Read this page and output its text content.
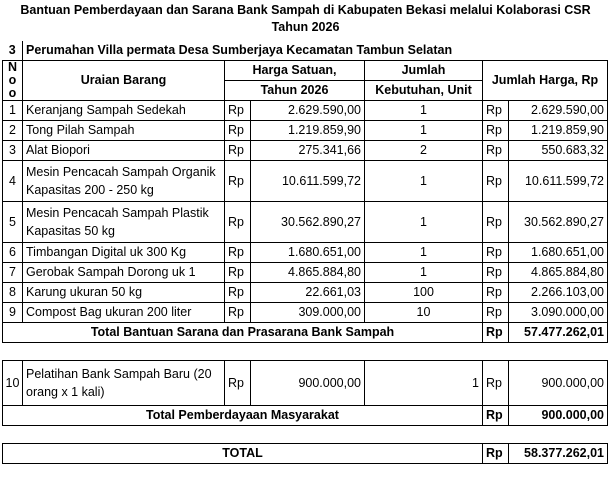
Bantuan Pemberdayaan dan Sarana Bank Sampah di Kabupaten Bekasi melalui Kolaborasi CSR
Tahun 2026
3	Perumahan Villa permata Desa Sumberjaya Kecamatan Tambun Selatan					

N
o
o	Uraian Barang	Harga Satuan,		Jumlah	Jumlah Harga, Rp	
		Tahun 2026		Kebutuhan, Unit		
1	Keranjang Sampah Sedekah	Rp	2.629.590,00	1	Rp	2.629.590,00
2	Tong Pilah Sampah	Rp	1.219.859,90	1	Rp	1.219.859,90
3	Alat Biopori	Rp	275.341,66	2	Rp	550.683,32
4	Mesin Pencacah Sampah Organik Kapasitas 200 - 250 kg	Rp	10.611.599,72	1	Rp	10.611.599,72
5	Mesin Pencacah Sampah Plastik Kapasitas 50 kg	Rp	30.562.890,27	1	Rp	30.562.890,27
6	Timbangan Digital uk 300 Kg	Rp	1.680.651,00	1	Rp	1.680.651,00
7	Gerobak Sampah Dorong uk 1	Rp	4.865.884,80	1	Rp	4.865.884,80
8	Karung ukuran 50 kg	Rp	22.661,03	100	Rp	2.266.103,00
9	Compost Bag ukuran 200 liter	Rp	309.000,00	10	Rp	3.090.000,00
Total Bantuan Sarana dan Prasarana Bank Sampah					Rp	57.477.262,01

10	Pelatihan Bank Sampah Baru (20 orang x 1 kali)	Rp	900.000,00	1	Rp	900.000,00
Total Pemberdayaan Masyarakat					Rp	900.000,00

TOTAL					Rp	58.377.262,01
